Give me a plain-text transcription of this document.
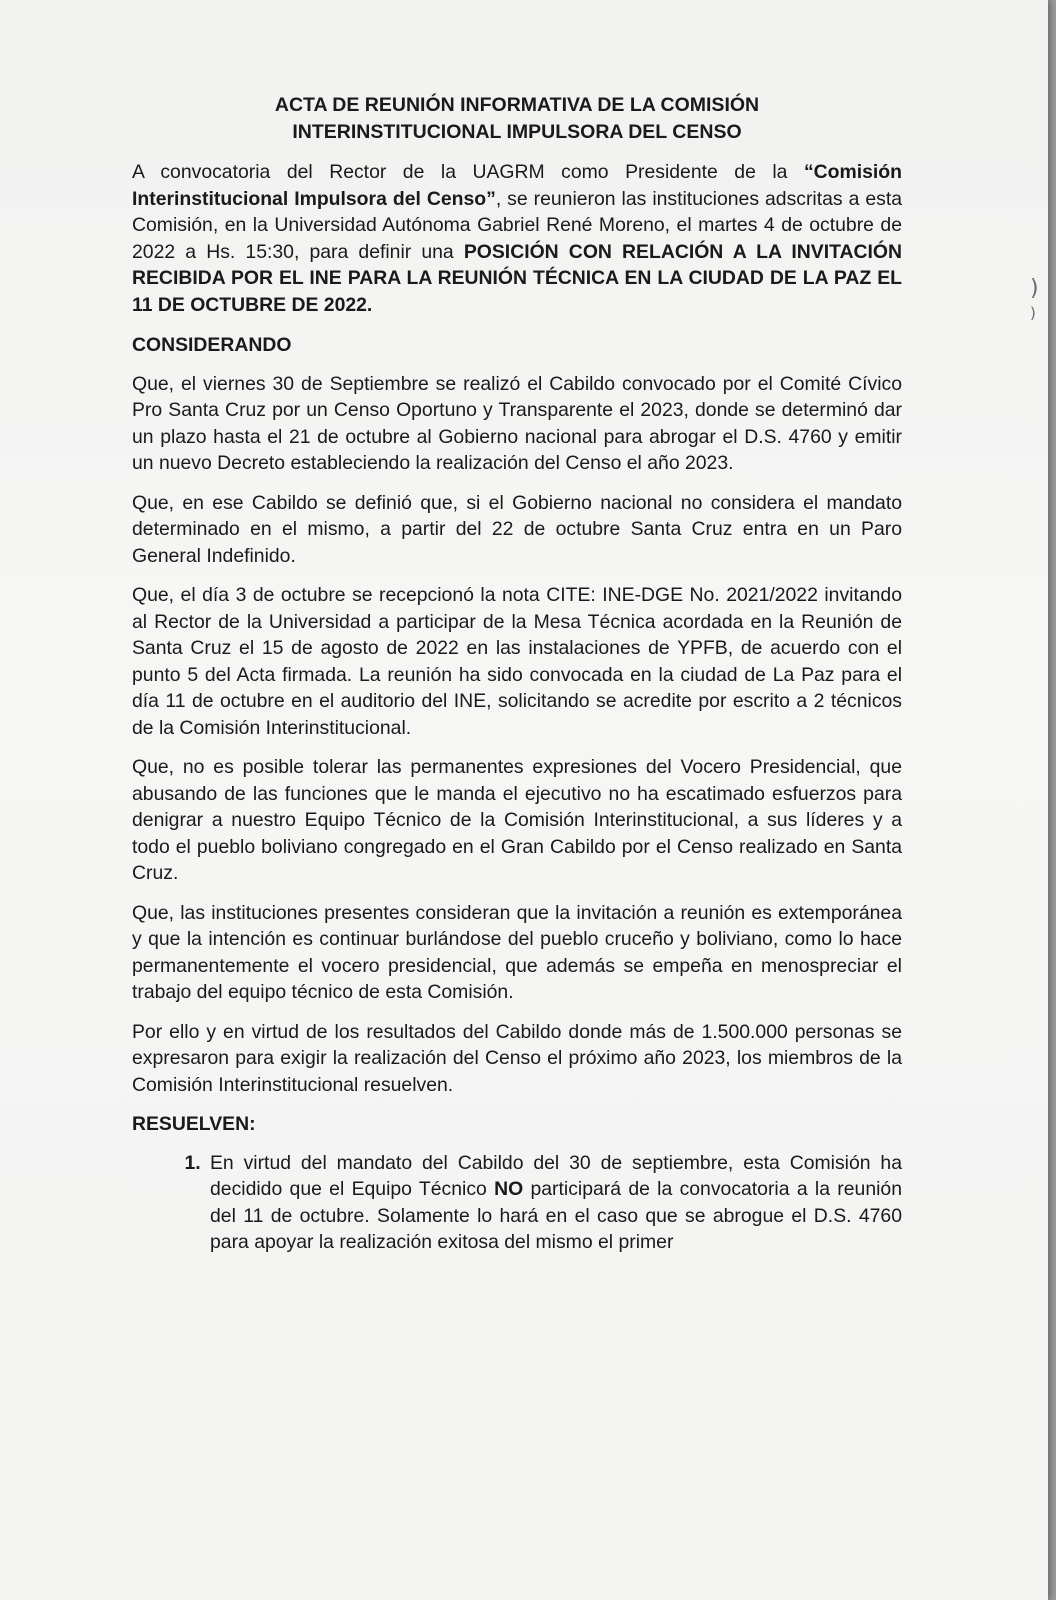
ACTA DE REUNIÓN INFORMATIVA DE LA COMISIÓN
INTERINSTITUCIONAL IMPULSORA DEL CENSO

A convocatoria del Rector de la UAGRM como Presidente de la “Comisión Interinstitucional Impulsora del Censo”, se reunieron las instituciones adscritas a esta Comisión, en la Universidad Autónoma Gabriel René Moreno, el martes 4 de octubre de 2022 a Hs. 15:30, para definir una POSICIÓN CON RELACIÓN A LA INVITACIÓN RECIBIDA POR EL INE PARA LA REUNIÓN TÉCNICA EN LA CIUDAD DE LA PAZ EL 11 DE OCTUBRE DE 2022.

CONSIDERANDO

Que, el viernes 30 de Septiembre se realizó el Cabildo convocado por el Comité Cívico Pro Santa Cruz por un Censo Oportuno y Transparente el 2023, donde se determinó dar un plazo hasta el 21 de octubre al Gobierno nacional para abrogar el D.S. 4760 y emitir un nuevo Decreto estableciendo la realización del Censo el año 2023.

Que, en ese Cabildo se definió que, si el Gobierno nacional no considera el mandato determinado en el mismo, a partir del 22 de octubre Santa Cruz entra en un Paro General Indefinido.

Que, el día 3 de octubre se recepcionó la nota CITE: INE-DGE No. 2021/2022 invitando al Rector de la Universidad a participar de la Mesa Técnica acordada en la Reunión de Santa Cruz el 15 de agosto de 2022 en las instalaciones de YPFB, de acuerdo con el punto 5 del Acta firmada. La reunión ha sido convocada en la ciudad de La Paz para el día 11 de octubre en el auditorio del INE, solicitando se acredite por escrito a 2 técnicos de la Comisión Interinstitucional.

Que, no es posible tolerar las permanentes expresiones del Vocero Presidencial, que abusando de las funciones que le manda el ejecutivo no ha escatimado esfuerzos para denigrar a nuestro Equipo Técnico de la Comisión Interinstitucional, a sus líderes y a todo el pueblo boliviano congregado en el Gran Cabildo por el Censo realizado en Santa Cruz.

Que, las instituciones presentes consideran que la invitación a reunión es extemporánea y que la intención es continuar burlándose del pueblo cruceño y boliviano, como lo hace permanentemente el vocero presidencial, que además se empeña en menospreciar el trabajo del equipo técnico de esta Comisión.

Por ello y en virtud de los resultados del Cabildo donde más de 1.500.000 personas se expresaron para exigir la realización del Censo el próximo año 2023, los miembros de la Comisión Interinstitucional resuelven.

RESUELVEN:
1. En virtud del mandato del Cabildo del 30 de septiembre, esta Comisión ha decidido que el Equipo Técnico NO participará de la convocatoria a la reunión del 11 de octubre. Solamente lo hará en el caso que se abrogue el D.S. 4760 para apoyar la realización exitosa del mismo el primer
)
)
